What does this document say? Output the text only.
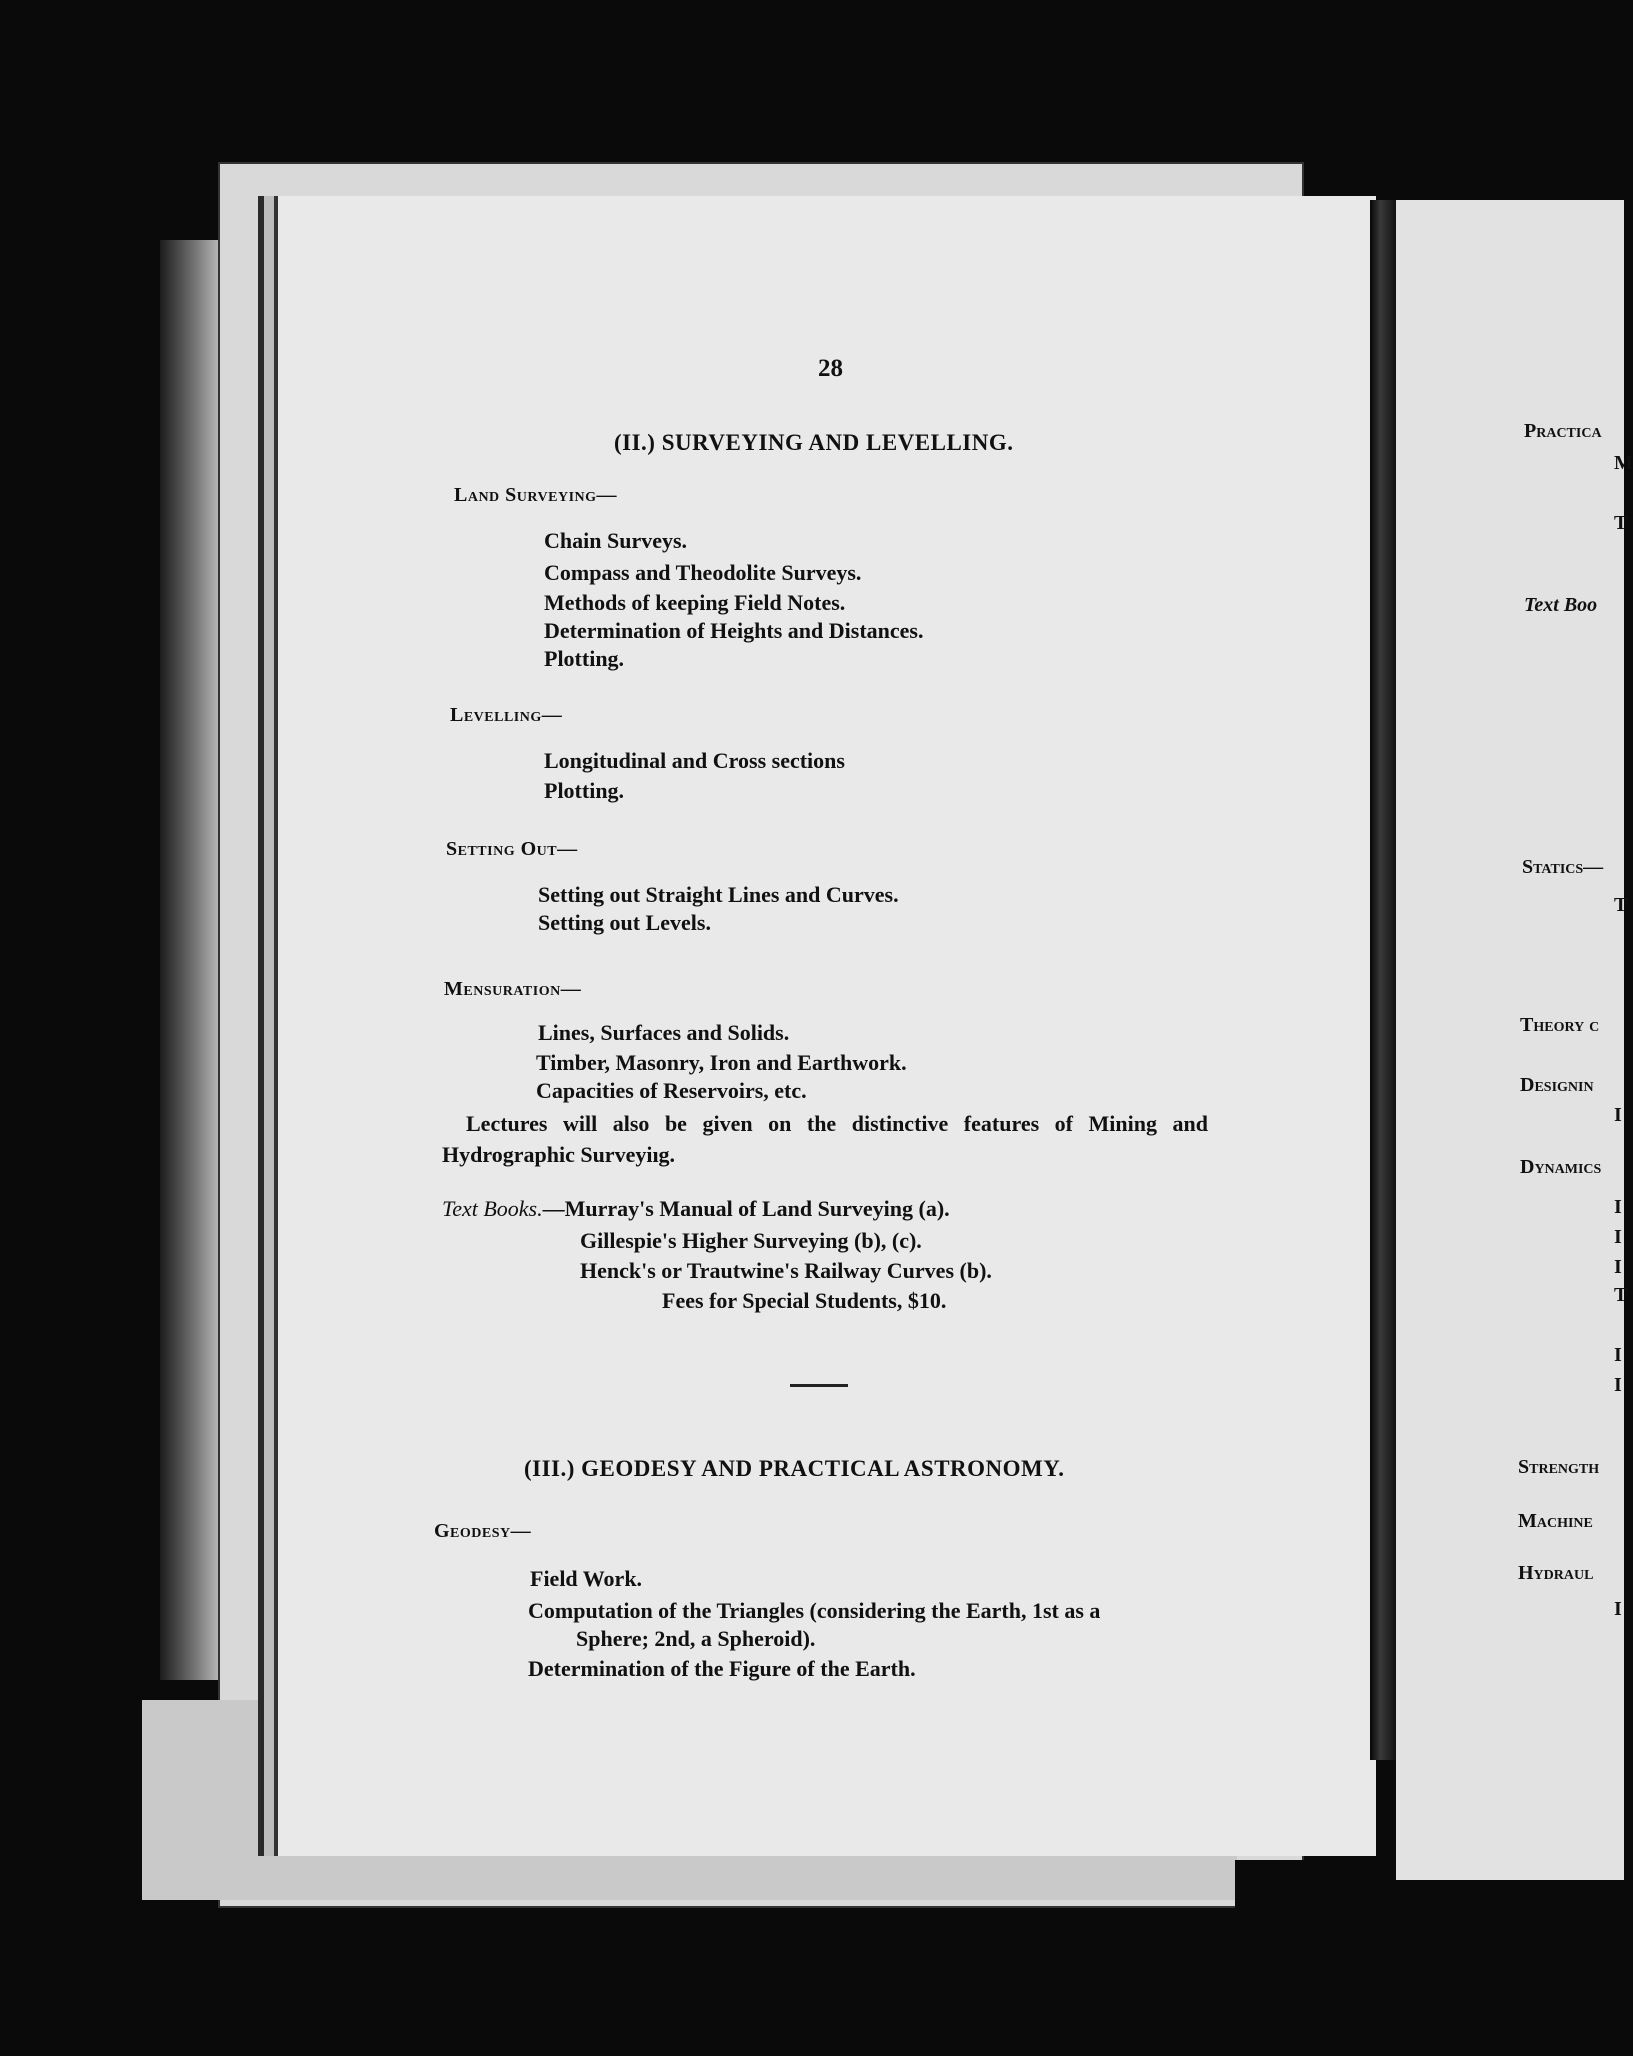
28
(II.) SURVEYING AND LEVELLING.
Land Surveying—
Chain Surveys.
Compass and Theodolite Surveys.
Methods of keeping Field Notes.
Determination of Heights and Distances.
Plotting.
Levelling—
Longitudinal and Cross sections
Plotting.
Setting Out—
Setting out Straight Lines and Curves.
Setting out Levels.
Mensuration—
Lines, Surfaces and Solids.
Timber, Masonry, Iron and Earthwork.
Capacities of Reservoirs, etc.
Lectures will also be given on the distinctive features of Mining and
Hydrographic Surveyiıg.
Text Books.—Murray's Manual of Land Surveying (a).
Gillespie's Higher Surveying (b), (c).
Henck's or Trautwine's Railway Curves (b).
Fees for Special Students, $10.
(III.) GEODESY AND PRACTICAL ASTRONOMY.
Geodesy—
Field Work.
Computation of the Triangles (considering the Earth, 1st as a
Sphere; 2nd, a Spheroid).
Determination of the Figure of the Earth.
Practica
M
T
Text Boo
Statics—
T
Theory c
Designin
I
Dynamics
I
I
I
T
I
I
Strength
Machine
Hydraul
I
